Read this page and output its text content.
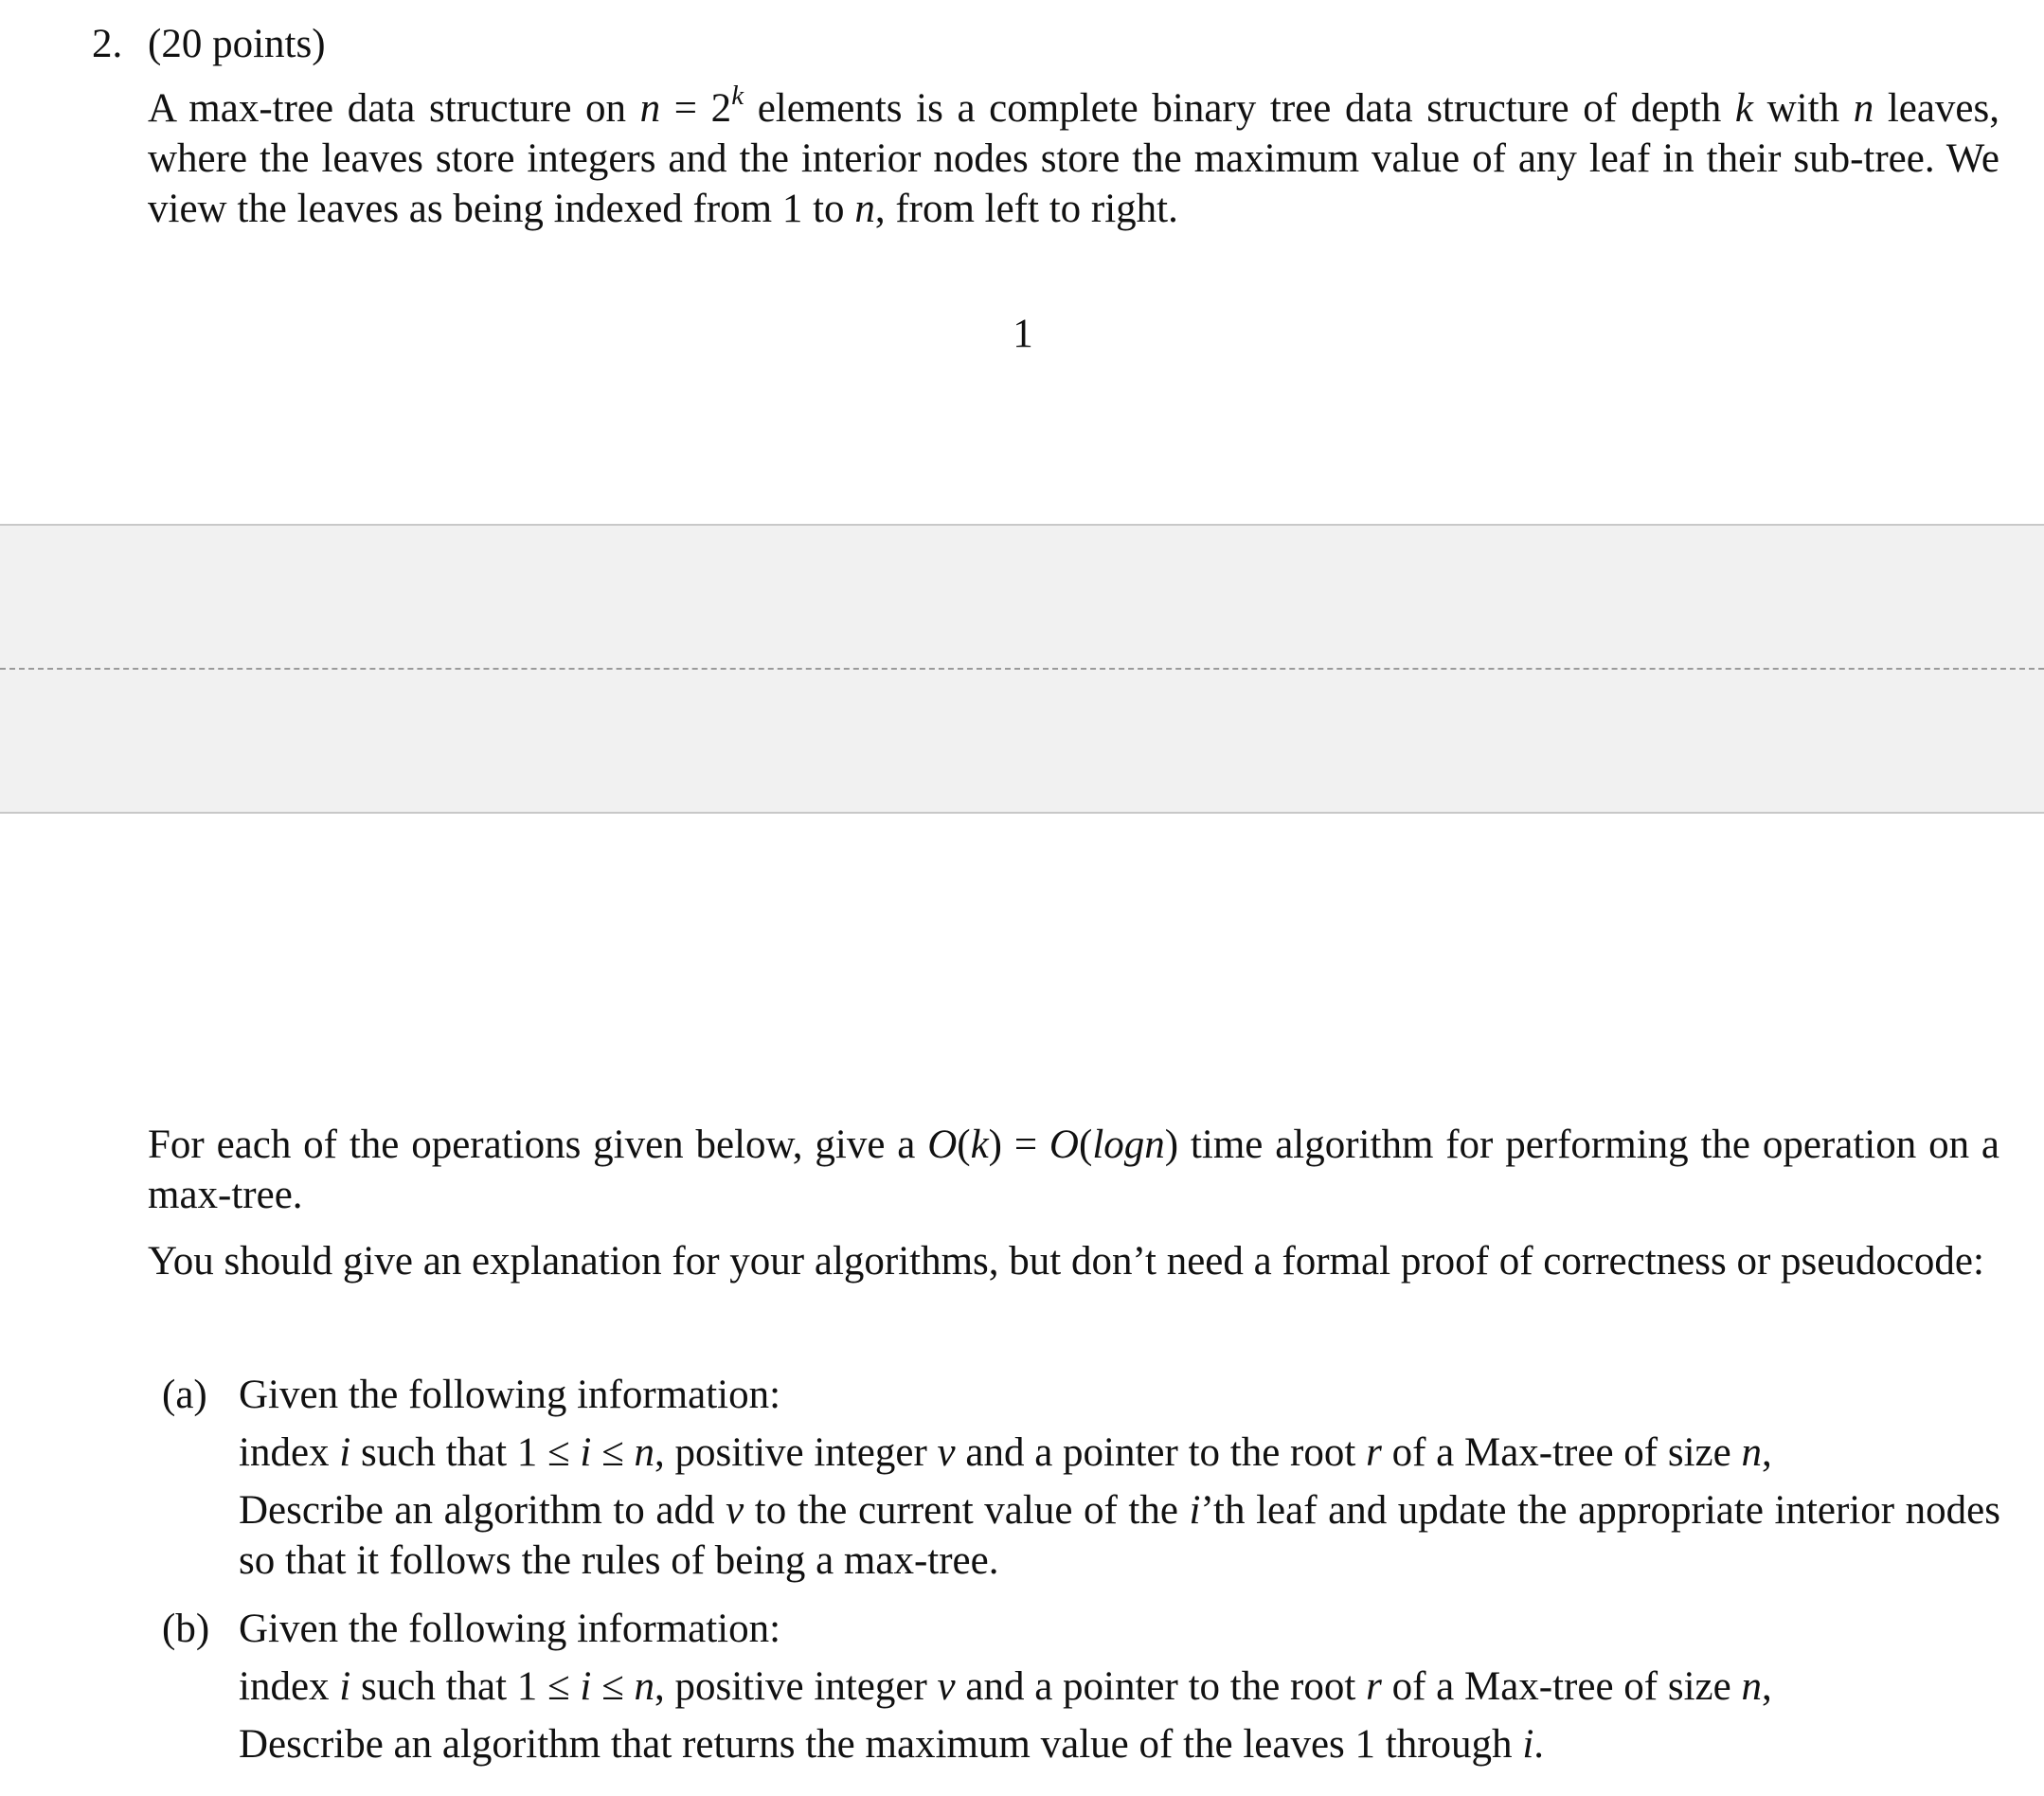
2. (20 points)

A max-tree data structure on $n = 2^k$ elements is a complete binary tree data structure of depth k with n leaves, where the leaves store integers and the interior nodes store the maximum value of any leaf in their sub-tree. We view the leaves as being indexed from 1 to n, from left to right.

1

For each of the operations given below, give a O(k) = O(logn) time algorithm for performing the operation on a max-tree.

You should give an explanation for your algorithms, but don’t need a formal proof of correctness or pseudocode:

(a) Given the following information:
index i such that 1 ≤ i ≤ n, positive integer v and a pointer to the root r of a Max-tree of size n,
Describe an algorithm to add v to the current value of the i’th leaf and update the appropriate interior nodes so that it follows the rules of being a max-tree.
(b) Given the following information:
index i such that 1 ≤ i ≤ n, positive integer v and a pointer to the root r of a Max-tree of size n,
Describe an algorithm that returns the maximum value of the leaves 1 through i.
